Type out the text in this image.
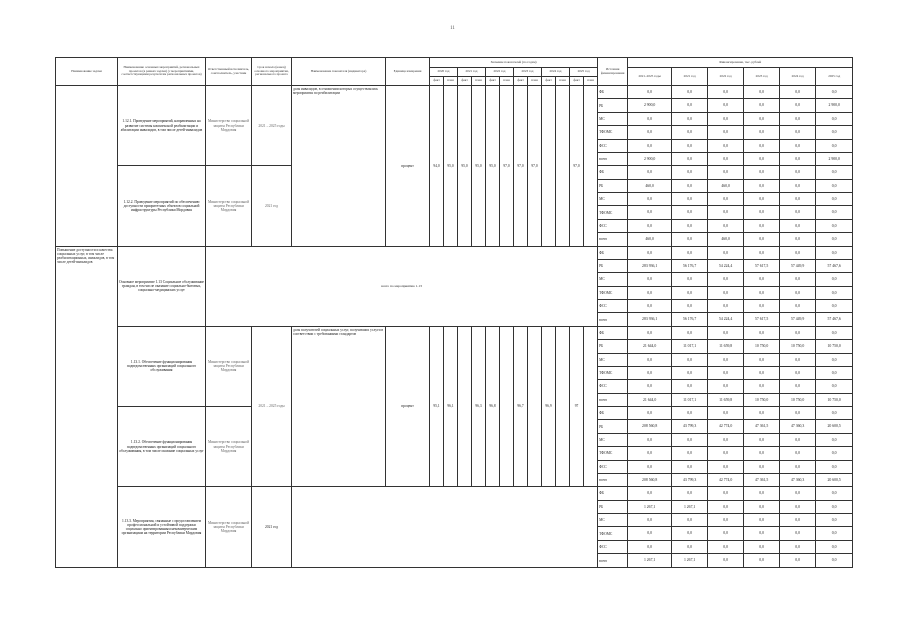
11
Наименование задачи	Наименование основных мероприятий, региональных проектов (в рамках задачи) (с мероприятиями, соответствующими результатам региональных проектов)	Ответственный исполнитель, соисполнитель, участник	Срок начала (конец) основного мероприятия, регионального проекта	Наименование показателя (индикатора)	Единица измерения	Значение показателей (по годам)												Источник финансирования	Финансирование, тыс. рублей					
						2020 год		2021 год		2022 год		2023 год		2024 год		2025 год			2021–2025 годы	2021 год	2022 год	2023 год	2024 год	2025 год
						факт	план	факт	план	факт	план	факт	план	факт	план	факт	план							
	1.12.1. Проведение мероприятий, направленных на развитие системы комплексной реабилитации и абилитации инвалидов, в том числе детей-инвалидов	Министерство социальной защиты Республики Мордовия	2021 – 2025 годы	доля инвалидов, в отношении которых осуществлялись мероприятия по реабилитации	процент	94,0	95,0	95,0	95,0	95,0	97,0	97,0	97,0			97,0		ФБ	0,0	0,0	0,0	0,0	0,0	0,0
																		РБ	2 900,0	0,0	0,0	0,0	0,0	2 900,0
																		МС	0,0	0,0	0,0	0,0	0,0	0,0
																		ТФОМС	0,0	0,0	0,0	0,0	0,0	0,0
																		ФСС	0,0	0,0	0,0	0,0	0,0	0,0
																		всего	2 900,0	0,0	0,0	0,0	0,0	2 900,0
	1.12.2. Проведение мероприятий по обеспечению доступности приоритетных объектов социальной инфраструктуры Республики Мордовия	Министерство социальной защиты Республики Мордовия	2021 год															ФБ	0,0	0,0	0,0	0,0	0,0	0,0
																		РБ	460,0	0,0	460,0	0,0	0,0	0,0
																		МС	0,0	0,0	0,0	0,0	0,0	0,0
																		ТФОМС	0,0	0,0	0,0	0,0	0,0	0,0
																		ФСС	0,0	0,0	0,0	0,0	0,0	0,0
																		всего	460,0	0,0	460,0	0,0	0,0	0,0
Повышение доступности и качества социальных услуг, в том числе реабилитационных, инвалидов, в том числе детей-инвалидов	Основное мероприятие 1.13 Социальное обслуживание граждан, в том числе оказание социально-бытовых, социально-медицинских услуг	всего по мероприятию 1.13																ФБ	0,0	0,0	0,0	0,0	0,0	0,0
																		РБ	283 936,1	56 176,7	54 224,4	57 617,5	57 449,9	57 467,6
																		МС	0,0	0,0	0,0	0,0	0,0	0,0
																		ТФОМС	0,0	0,0	0,0	0,0	0,0	0,0
																		ФСС	0,0	0,0	0,0	0,0	0,0	0,0
																		всего	283 936,1	56 176,7	54 224,4	57 617,5	57 449,9	57 467,6
	1.13.1. Обеспечение функционирования подведомственных организаций социального обслуживания	Министерство социальной защиты Республики Мордовия	2021 – 2025 годы	доля получателей социальных услуг, получивших услуги в соответствии с требованиями стандартов	процент	95,1	96,1		96,3	96,8		96,7		96,9		97		ФБ	0,0	0,0	0,0	0,0	0,0	0,0
																		РБ	21 644,0	11 017,1	11 659,8	10 750,0	10 750,0	10 750,0
																		МС	0,0	0,0	0,0	0,0	0,0	0,0
																		ТФОМС	0,0	0,0	0,0	0,0	0,0	0,0
																		ФСС	0,0	0,0	0,0	0,0	0,0	0,0
																		всего	21 644,0	11 017,1	11 659,8	10 750,0	10 750,0	10 750,0
	1.13.2. Обеспечение функционирования подведомственных организаций социального обслуживания, в том числе оказание социальных услуг	Министерство социальной защиты Республики Мордовия																ФБ	0,0	0,0	0,0	0,0	0,0	0,0
																		РБ	208 560,8	43 799,3	42 774,0	47 361,5	47 360,3	20 600,5
																		МС	0,0	0,0	0,0	0,0	0,0	0,0
																		ТФОМС	0,0	0,0	0,0	0,0	0,0	0,0
																		ФСС	0,0	0,0	0,0	0,0	0,0	0,0
																		всего	208 560,8	43 799,3	42 774,0	47 361,5	47 360,3	20 600,5
	1.13.3. Мероприятия, связанные с предоставлением профессиональной и устойчивой поддержки социально ориентированным некоммерческим организациям на территории Республики Мордовия	Министерство социальной защиты Республики Мордовия	2021 год															ФБ	0,0	0,0	0,0	0,0	0,0	0,0
																		РБ	1 267,1	1 267,1	0,0	0,0	0,0	0,0
																		МС	0,0	0,0	0,0	0,0	0,0	0,0
																		ТФОМС	0,0	0,0	0,0	0,0	0,0	0,0
																		ФСС	0,0	0,0	0,0	0,0	0,0	0,0
																		всего	1 267,1	1 267,1	0,0	0,0	0,0	0,0
